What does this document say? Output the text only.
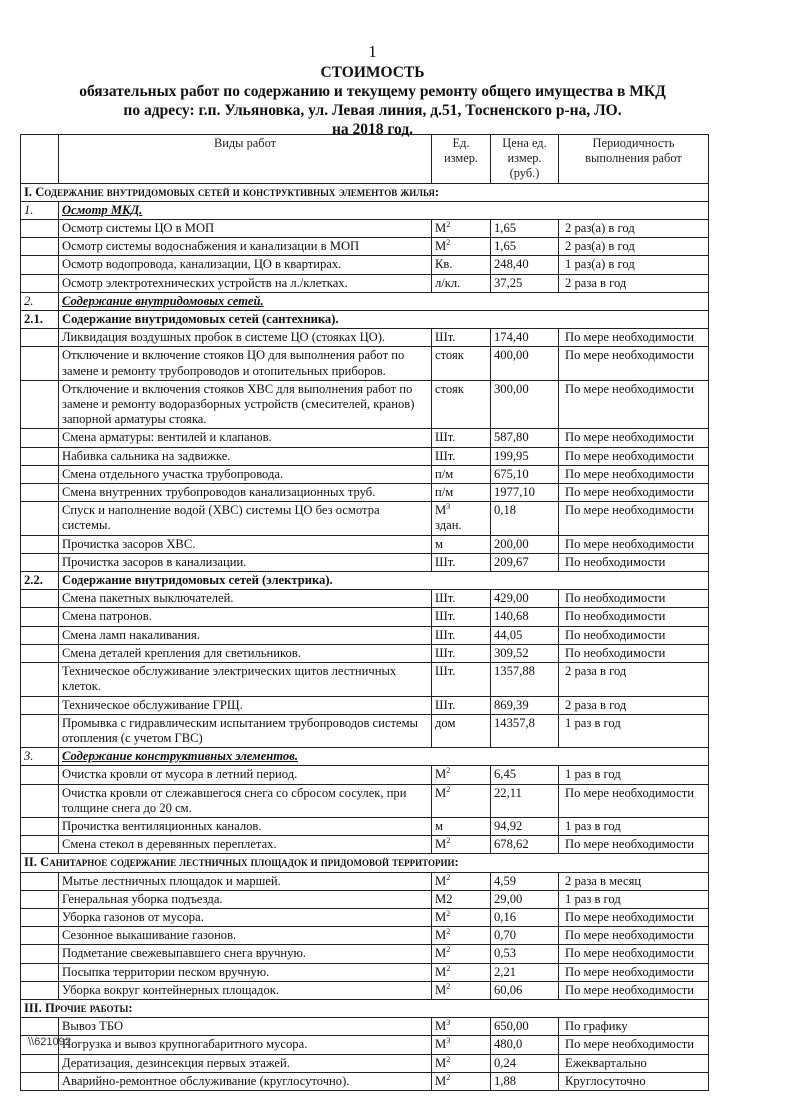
1
СТОИМОСТЬ
обязательных работ по содержанию и текущему ремонту общего имущества в МКД
по адресу: г.п. Ульяновка, ул. Левая линия, д.51, Тосненского р-на, ЛО.
на 2018 год.
	Виды работ	Ед. измер.	Цена ед. измер. (руб.)	Периодичность выполнения работ
I. Содержание внутридомовых сетей и конструктивных элементов жилья:				
1.	Осмотр МКД.			
	Осмотр системы ЦО в МОП	$М^2$	1,65	2 раз(а) в год
	Осмотр системы водоснабжения и канализации в МОП	$М^2$	1,65	2 раз(а) в год
	Осмотр водопровода, канализации, ЦО в квартирах.	Кв.	248,40	1 раз(а) в год
	Осмотр электротехнических устройств на л./клетках.	л/кл.	37,25	2 раза в год
2.	Содержание внутридомовых сетей.			
2.1.	Содержание внутридомовых сетей (сантехника).			
	Ликвидация воздушных пробок в системе ЦО (стояках ЦО).	Шт.	174,40	По мере необходимости
	Отключение и включение стояков ЦО для выполнения работ по замене и ремонту трубопроводов и отопительных приборов.	стояк	400,00	По мере необходимости
	Отключение и включения стояков ХВС для выполнения работ по замене и ремонту водоразборных устройств (смесителей, кранов) запорной арматуры стояка.	стояк	300,00	По мере необходимости
	Смена арматуры: вентилей и клапанов.	Шт.	587,80	По мере необходимости
	Набивка сальника на задвижке.	Шт.	199,95	По мере необходимости
	Смена отдельного участка трубопровода.	п/м	675,10	По мере необходимости
	Смена внутренних трубопроводов канализационных труб.	п/м	1977,10	По мере необходимости
	Спуск и наполнение водой (ХВС) системы ЦО без осмотра системы.	$М^3$
здан.	0,18	По мере необходимости
	Прочистка засоров ХВС.	м	200,00	По мере необходимости
	Прочистка засоров в канализации.	Шт.	209,67	По необходимости
2.2.	Содержание внутридомовых сетей (электрика).			
	Смена пакетных выключателей.	Шт.	429,00	По необходимости
	Смена патронов.	Шт.	140,68	По необходимости
	Смена ламп накаливания.	Шт.	44,05	По необходимости
	Смена деталей крепления для светильников.	Шт.	309,52	По необходимости
	Техническое обслуживание электрических щитов лестничных клеток.	Шт.	1357,88	2 раза в год
	Техническое обслуживание ГРЩ.	Шт.	869,39	2 раза в год
	Промывка с гидравлическим испытанием трубопроводов системы отопления (с учетом ГВС)	дом	14357,8	1 раз в год
3.	Содержание конструктивных элементов.			
	Очистка кровли от мусора в летний период.	$М^2$	6,45	1 раз в год
	Очистка кровли от слежавшегося снега со сбросом сосулек, при толщине снега до 20 см.	$М^2$	22,11	По мере необходимости
	Прочистка вентиляционных каналов.	м	94,92	1 раз в год
	Смена стекол в деревянных переплетах.	$М^2$	678,62	По мере необходимости
II. Санитарное содержание лестничных площадок и придомовой территории:				
	Мытье лестничных площадок и маршей.	$М^2$	4,59	2 раза в месяц
	Генеральная уборка подъезда.	М2	29,00	1 раз в год
	Уборка газонов от мусора.	$М^2$	0,16	По мере необходимости
	Сезонное выкашивание газонов.	$М^2$	0,70	По мере необходимости
	Подметание свежевыпавшего снега вручную.	$М^2$	0,53	По мере необходимости
	Посыпка территории песком вручную.	$М^2$	2,21	По мере необходимости
	Уборка вокруг контейнерных площадок.	$М^2$	60,06	По мере необходимости
III. Прочие работы:				
	Вывоз ТБО	$М^3$	650,00	По графику
	Погрузка и вывоз крупногабаритного мусора.	$М^3$	480,0	По мере необходимости
	Дератизация, дезинсекция первых этажей.	$М^2$	0,24	Ежеквартально
	Аварийно-ремонтное обслуживание (круглосуточно).	$М^2$	1,88	Круглосуточно
\\621092
